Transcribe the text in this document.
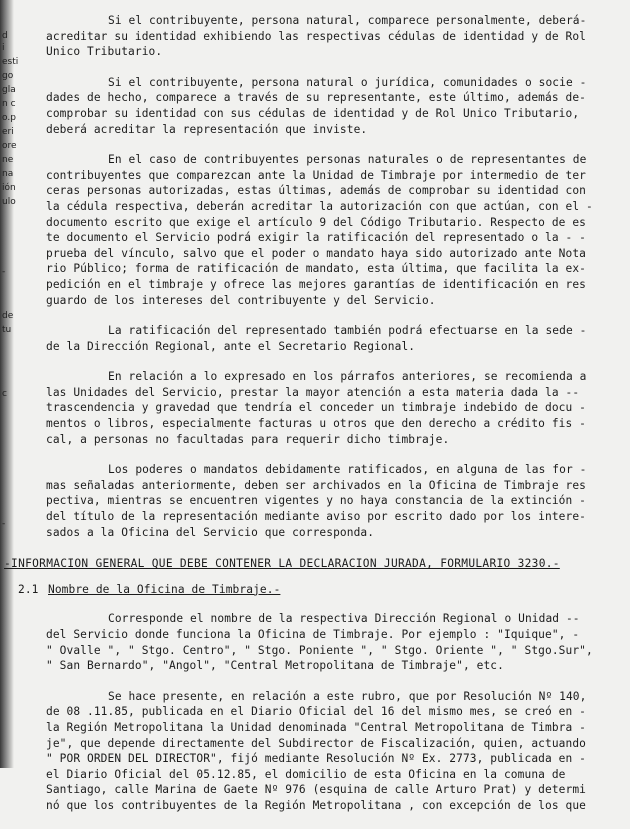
d
i
esti
go
gla
n c
o.p
eri
ore
ne
na
ión
ulo
-
de
tu
c
-

Si el contribuyente, persona natural, comparece personalmente, deberá-
acreditar su identidad exhibiendo las respectivas cédulas de identidad y de Rol
Unico Tributario.

Si el contribuyente, persona natural o jurídica, comunidades o socie -
dades de hecho, comparece a través de su representante, este último, además de-
comprobar su identidad con sus cédulas de identidad y de Rol Unico Tributario,
deberá acreditar la representación que inviste.

En el caso de contribuyentes personas naturales o de representantes de
contribuyentes que comparezcan ante la Unidad de Timbraje por intermedio de ter
ceras personas autorizadas, estas últimas, además de comprobar su identidad con
la cédula respectiva, deberán acreditar la autorización con que actúan, con el -
documento escrito que exige el artículo 9 del Código Tributario. Respecto de es
te documento el Servicio podrá exigir la ratificación del representado o la - -
prueba del vínculo, salvo que el poder o mandato haya sido autorizado ante Nota
rio Público; forma de ratificación de mandato, esta última, que facilita la ex-
pedición en el timbraje y ofrece las mejores garantías de identificación en res
guardo de los intereses del contribuyente y del Servicio.

La ratificación del representado también podrá efectuarse en la sede -
de la Dirección Regional, ante el Secretario Regional.

En relación a lo expresado en los párrafos anteriores, se recomienda a
las Unidades del Servicio, prestar la mayor atención a esta materia dada la --
trascendencia y gravedad que tendría el conceder un timbraje indebido de docu -
mentos o libros, especialmente facturas u otros que den derecho a crédito fis -
cal, a personas no facultadas para requerir dicho timbraje.

Los poderes o mandatos debidamente ratificados, en alguna de las for -
mas señaladas anteriormente, deben ser archivados en la Oficina de Timbraje res
pectiva, mientras se encuentren vigentes y no haya constancia de la extinción -
del título de la representación mediante aviso por escrito dado por los intere-
sados a la Oficina del Servicio que corresponda.

-INFORMACION GENERAL QUE DEBE CONTENER LA DECLARACION JURADA, FORMULARIO 3230.-
2.1 Nombre de la Oficina de Timbraje.-

Corresponde el nombre de la respectiva Dirección Regional o Unidad --
del Servicio donde funciona la Oficina de Timbraje. Por ejemplo : "Iquique", -
" Ovalle ", " Stgo. Centro", " Stgo. Poniente ", " Stgo. Oriente ", " Stgo.Sur",
" San Bernardo", "Angol", "Central Metropolitana de Timbraje", etc.

Se hace presente, en relación a este rubro, que por Resolución Nº 140,
de 08 .11.85, publicada en el Diario Oficial del 16 del mismo mes, se creó en -
la Región Metropolitana la Unidad denominada "Central Metropolitana de Timbra -
je", que depende directamente del Subdirector de Fiscalización, quien, actuando
" POR ORDEN DEL DIRECTOR", fijó mediante Resolución Nº Ex. 2773, publicada en -
el Diario Oficial del 05.12.85, el domicilio de esta Oficina en la comuna de
Santiago, calle Marina de Gaete Nº 976 (esquina de calle Arturo Prat) y determi
nó que los contribuyentes de la Región Metropolitana , con excepción de los que
